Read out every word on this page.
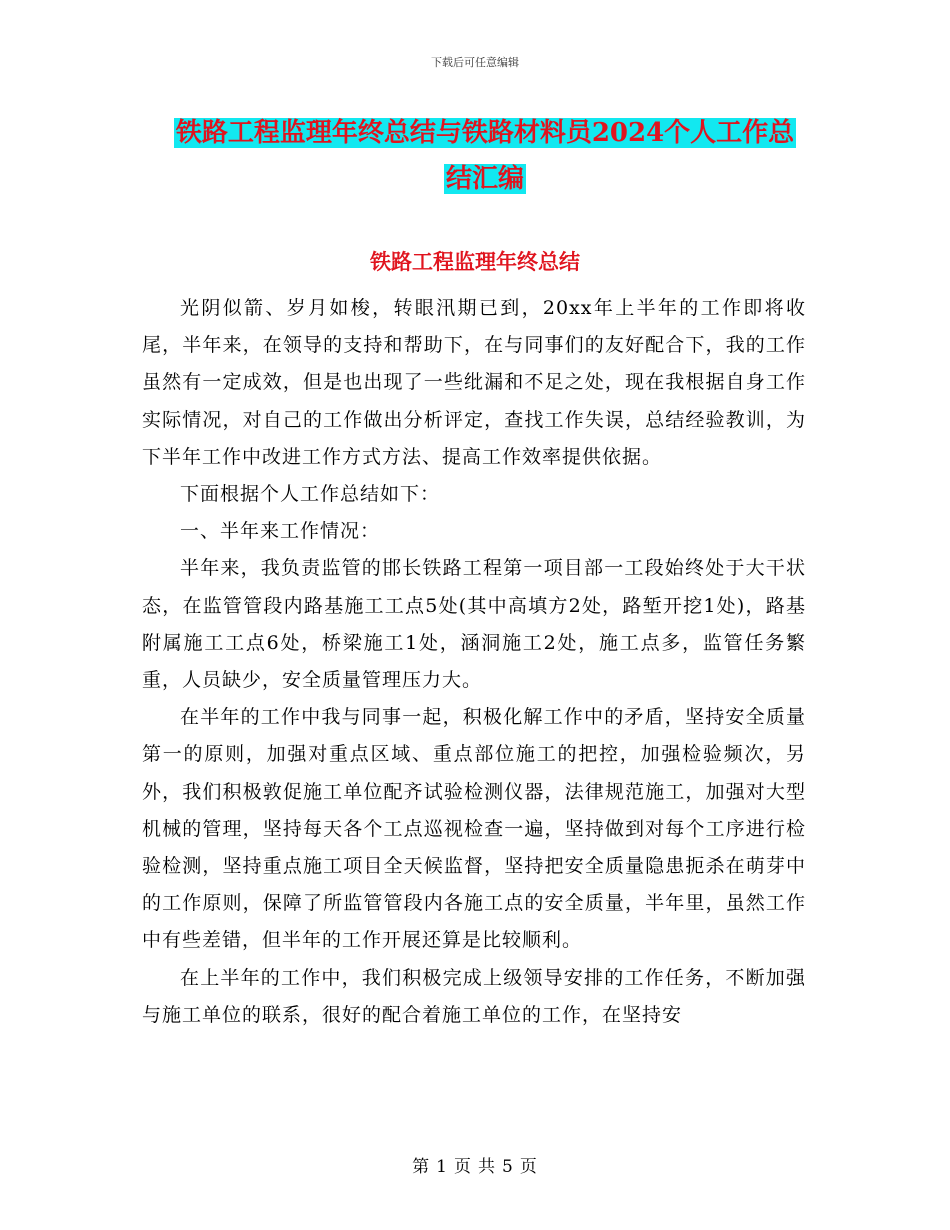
下载后可任意编辑
铁路工程监理年终总结与铁路材料员2024个人工作总
结汇编
铁路工程监理年终总结

光阴似箭、岁月如梭，转眼汛期已到，20xx年上半年的工作即将收尾，半年来，在领导的支持和帮助下，在与同事们的友好配合下，我的工作虽然有一定成效，但是也出现了一些纰漏和不足之处，现在我根据自身工作实际情况，对自己的工作做出分析评定，查找工作失误，总结经验教训，为下半年工作中改进工作方式方法、提高工作效率提供依据。

下面根据个人工作总结如下：

一、半年来工作情况：

半年来，我负责监管的邯长铁路工程第一项目部一工段始终处于大干状态，在监管管段内路基施工工点5处(其中高填方2处，路堑开挖1处)，路基附属施工工点6处，桥梁施工1处，涵洞施工2处，施工点多，监管任务繁重，人员缺少，安全质量管理压力大。

在半年的工作中我与同事一起，积极化解工作中的矛盾，坚持安全质量第一的原则，加强对重点区域、重点部位施工的把控，加强检验频次，另外，我们积极敦促施工单位配齐试验检测仪器，法律规范施工，加强对大型机械的管理，坚持每天各个工点巡视检查一遍，坚持做到对每个工序进行检验检测，坚持重点施工项目全天候监督，坚持把安全质量隐患扼杀在萌芽中的工作原则，保障了所监管管段内各施工点的安全质量，半年里，虽然工作中有些差错，但半年的工作开展还算是比较顺利。

在上半年的工作中，我们积极完成上级领导安排的工作任务，不断加强与施工单位的联系，很好的配合着施工单位的工作，在坚持安

第 1 页 共 5 页
